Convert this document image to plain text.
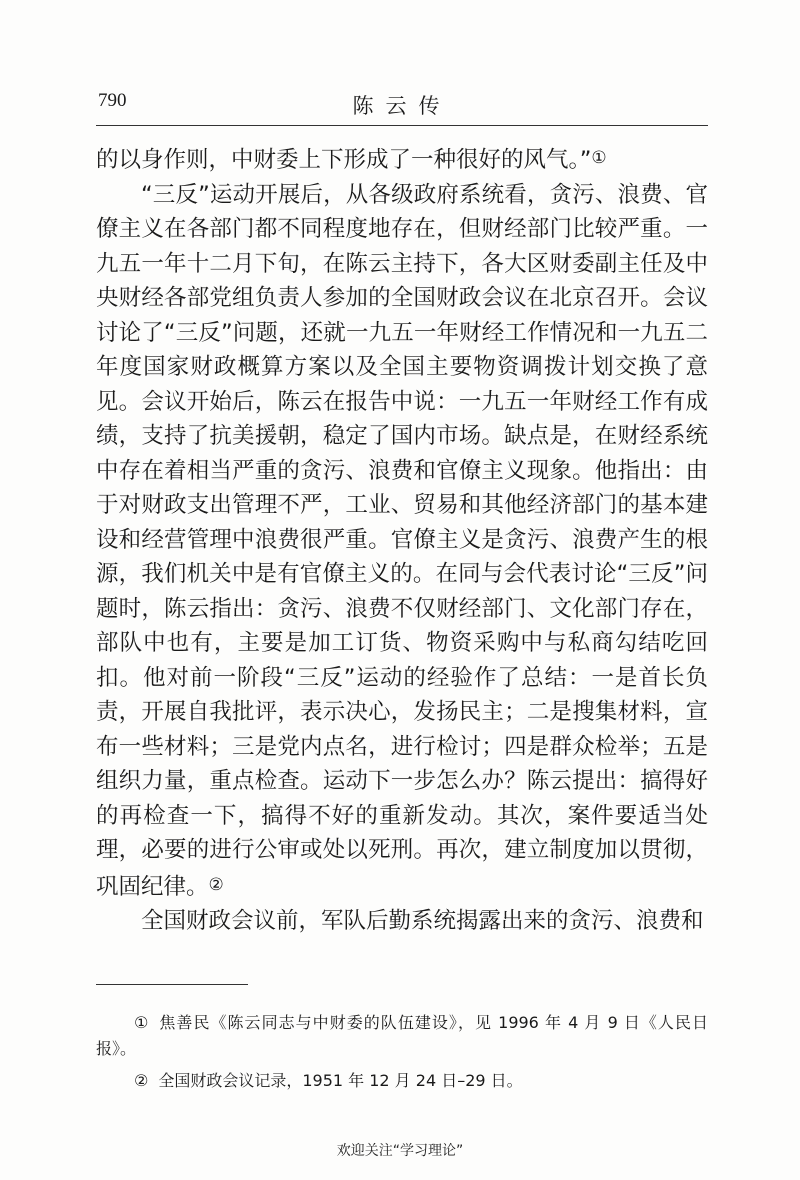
790	陈云传

的以身作则，中财委上下形成了一种很好的风气。”①

“三反”运动开展后，从各级政府系统看，贪污、浪费、官僚主义在各部门都不同程度地存在，但财经部门比较严重。一九五一年十二月下旬，在陈云主持下，各大区财委副主任及中央财经各部党组负责人参加的全国财政会议在北京召开。会议讨论了“三反”问题，还就一九五一年财经工作情况和一九五二年度国家财政概算方案以及全国主要物资调拨计划交换了意见。会议开始后，陈云在报告中说：一九五一年财经工作有成绩，支持了抗美援朝，稳定了国内市场。缺点是，在财经系统中存在着相当严重的贪污、浪费和官僚主义现象。他指出：由于对财政支出管理不严，工业、贸易和其他经济部门的基本建设和经营管理中浪费很严重。官僚主义是贪污、浪费产生的根源，我们机关中是有官僚主义的。在同与会代表讨论“三反”问题时，陈云指出：贪污、浪费不仅财经部门、文化部门存在，部队中也有，主要是加工订货、物资采购中与私商勾结吃回扣。他对前一阶段“三反”运动的经验作了总结：一是首长负责，开展自我批评，表示决心，发扬民主；二是搜集材料，宣布一些材料；三是党内点名，进行检讨；四是群众检举；五是组织力量，重点检查。运动下一步怎么办？陈云提出：搞得好的再检查一下，搞得不好的重新发动。其次，案件要适当处理，必要的进行公审或处以死刑。再次，建立制度加以贯彻，巩固纪律。②

全国财政会议前，军队后勤系统揭露出来的贪污、浪费和

① 焦善民《陈云同志与中财委的队伍建设》，见 1996 年 4 月 9 日《人民日报》。

② 全国财政会议记录，1951 年 12 月 24 日–29 日。

欢迎关注“学习理论”
